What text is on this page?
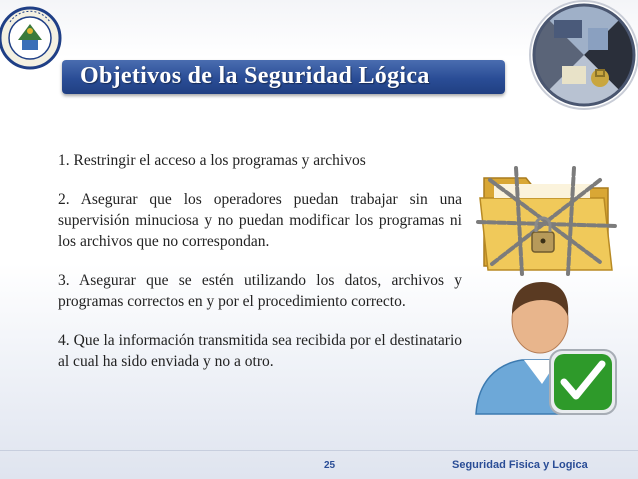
Objetivos de la Seguridad Lógica

1. Restringir el acceso a los programas y archivos

2. Asegurar que los operadores puedan trabajar sin una supervisión minuciosa y no puedan modificar los programas ni los archivos que no correspondan.

3. Asegurar que se estén utilizando los datos, archivos y programas correctos en y por el procedimiento correcto.

4. Que la información transmitida sea recibida por el destinatario al cual ha sido enviada y no a otro.

25	Seguridad Fisica y Logica
